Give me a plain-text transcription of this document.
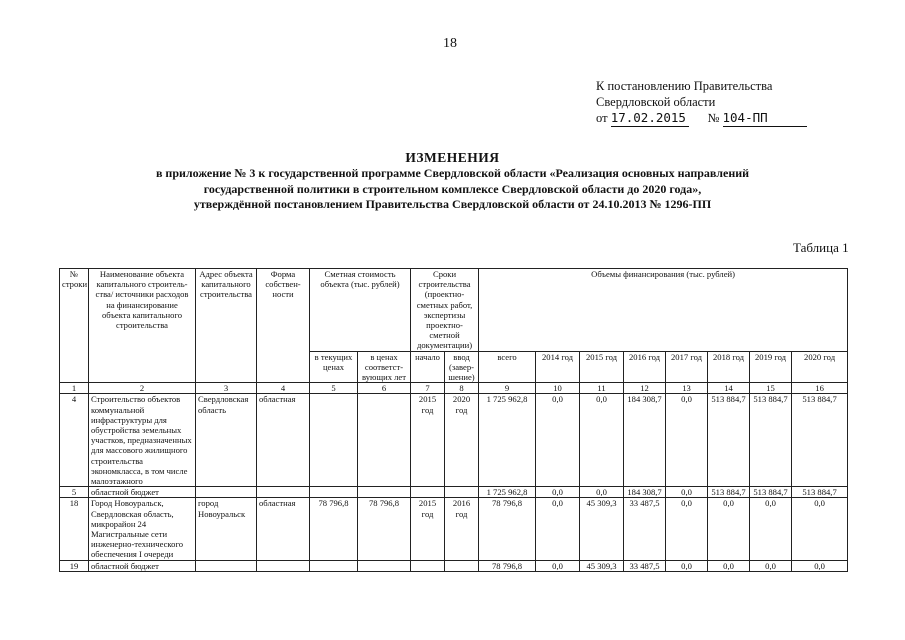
18
К постановлению Правительства
Свердловской области
от 17.02.2015 № 104-ПП
ИЗМЕНЕНИЯ
в приложение № 3 к государственной программе Свердловской области «Реализация основных направлений
государственной политики в строительном комплексе Свердловской области до 2020 года»,
утверждённой постановлением Правительства Свердловской области от 24.10.2013 № 1296-ПП
Таблица 1
№ строки	Наименование объекта капитального строитель-ства/ источники расходов на финансирование объекта капитального строительства	Адрес объекта капитального строительства	Форма собствен-ности	Сметная стоимость объекта (тыс. рублей)		Сроки строительства (проектно-сметных работ, экспертизы проектно-сметной документации)		Объемы финансирования (тыс. рублей)							
				в текущих ценах	в ценах соответст-вующих лет	начало	ввод (завер-шение)	всего	2014 год	2015 год	2016 год	2017 год	2018 год	2019 год	2020 год
1	2	3	4	5	6	7	8	9	10	11	12	13	14	15	16
4	Строительство объектов коммунальной инфраструктуры для обустройства земельных участков, предназначенных для массового жилищного строительства экономкласса, в том числе малоэтажного	Свердловская область	областная			2015 год	2020 год	1 725 962,8	0,0	0,0	184 308,7	0,0	513 884,7	513 884,7	513 884,7
5	областной бюджет							1 725 962,8	0,0	0,0	184 308,7	0,0	513 884,7	513 884,7	513 884,7
18	Город Новоуральск, Свердловская область, микрорайон 24 Магистральные сети инженерно-технического обеспечения I очереди	город Новоуральск	областная	78 796,8	78 796,8	2015 год	2016 год	78 796,8	0,0	45 309,3	33 487,5	0,0	0,0	0,0	0,0
19	областной бюджет							78 796,8	0,0	45 309,3	33 487,5	0,0	0,0	0,0	0,0
